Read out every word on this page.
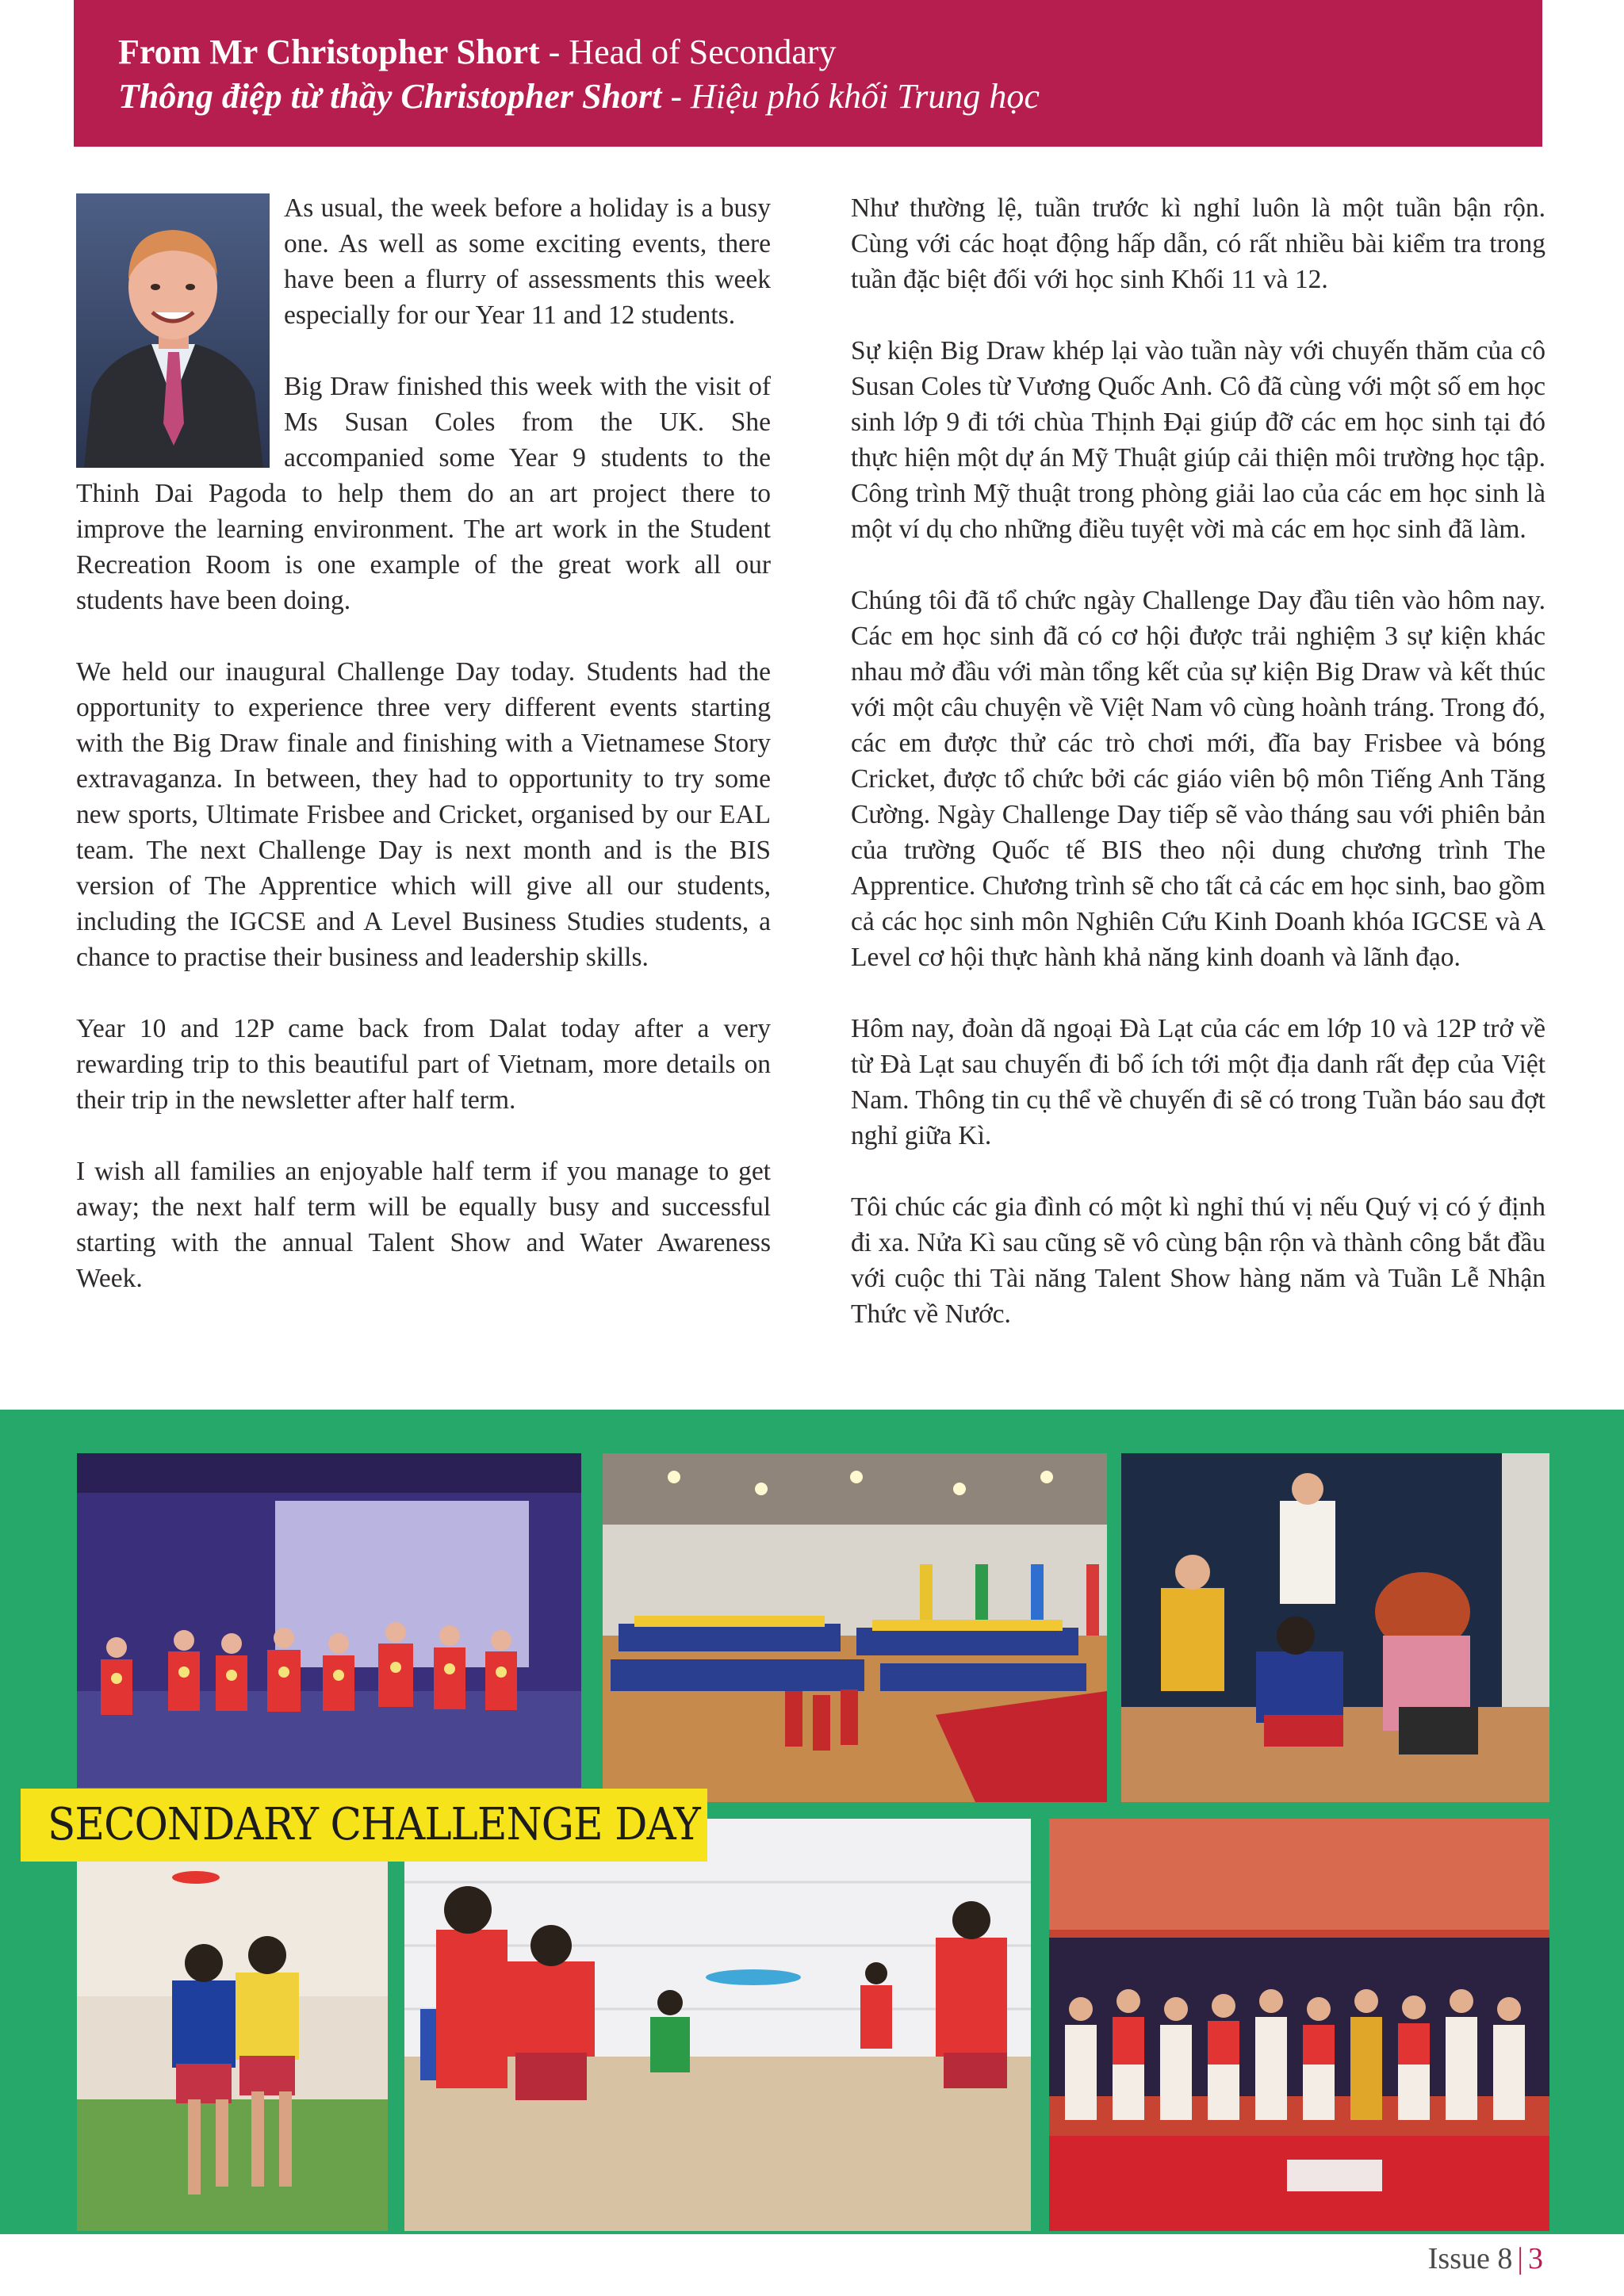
From Mr Christopher Short - Head of Secondary
Thông điệp từ thầy Christopher Short - Hiệu phó khối Trung học

As usual, the week before a holiday is a busy one. As well as some exciting events, there have been a flurry of assessments this week especially for our Year 11 and 12 students.

Big Draw finished this week with the visit of Ms Susan Coles from the UK. She accompanied some Year 9 students to the Thinh Dai Pagoda to help them do an art project there to improve the learning environment. The art work in the Student Recreation Room is one example of the great work all our students have been doing.

We held our inaugural Challenge Day today. Students had the opportunity to experience three very different events starting with the Big Draw finale and finishing with a Vietnamese Story extravaganza. In between, they had to opportunity to try some new sports, Ultimate Frisbee and Cricket, organised by our EAL team. The next Challenge Day is next month and is the BIS version of The Apprentice which will give all our students, including the IGCSE and A Level Business Studies students, a chance to practise their business and leadership skills.

Year 10 and 12P came back from Dalat today after a very rewarding trip to this beautiful part of Vietnam, more details on their trip in the newsletter after half term.

I wish all families an enjoyable half term if you manage to get away; the next half term will be equally busy and successful starting with the annual Talent Show and Water Awareness Week.

Như thường lệ, tuần trước kì nghỉ luôn là một tuần bận rộn. Cùng với các hoạt động hấp dẫn, có rất nhiều bài kiểm tra trong tuần đặc biệt đối với học sinh Khối 11 và 12.

Sự kiện Big Draw khép lại vào tuần này với chuyến thăm của cô Susan Coles từ Vương Quốc Anh. Cô đã cùng với một số em học sinh lớp 9 đi tới chùa Thịnh Đại giúp đỡ các em học sinh tại đó thực hiện một dự án Mỹ Thuật giúp cải thiện môi trường học tập. Công trình Mỹ thuật trong phòng giải lao của các em học sinh là một ví dụ cho những điều tuyệt vời mà các em học sinh đã làm.

Chúng tôi đã tổ chức ngày Challenge Day đầu tiên vào hôm nay. Các em học sinh đã có cơ hội được trải nghiệm 3 sự kiện khác nhau mở đầu với màn tổng kết của sự kiện Big Draw và kết thúc với một câu chuyện về Việt Nam vô cùng hoành tráng. Trong đó, các em được thử các trò chơi mới, đĩa bay Frisbee và bóng Cricket, được tổ chức bởi các giáo viên bộ môn Tiếng Anh Tăng Cường. Ngày Challenge Day tiếp sẽ vào tháng sau với phiên bản của trường Quốc tế BIS theo nội dung chương trình The Apprentice. Chương trình sẽ cho tất cả các em học sinh, bao gồm cả các học sinh môn Nghiên Cứu Kinh Doanh khóa IGCSE và A Level cơ hội thực hành khả năng kinh doanh và lãnh đạo.

Hôm nay, đoàn dã ngoại Đà Lạt của các em lớp 10 và 12P trở về từ Đà Lạt sau chuyến đi bổ ích tới một địa danh rất đẹp của Việt Nam. Thông tin cụ thể về chuyến đi sẽ có trong Tuần báo sau đợt nghỉ giữa Kì.

Tôi chúc các gia đình có một kì nghỉ thú vị nếu Quý vị có ý định đi xa. Nửa Kì sau cũng sẽ vô cùng bận rộn và thành công bắt đầu với cuộc thi Tài năng Talent Show hàng năm và Tuần Lễ Nhận Thức về Nước.

SECONDARY CHALLENGE DAY
Issue 8 | 3
